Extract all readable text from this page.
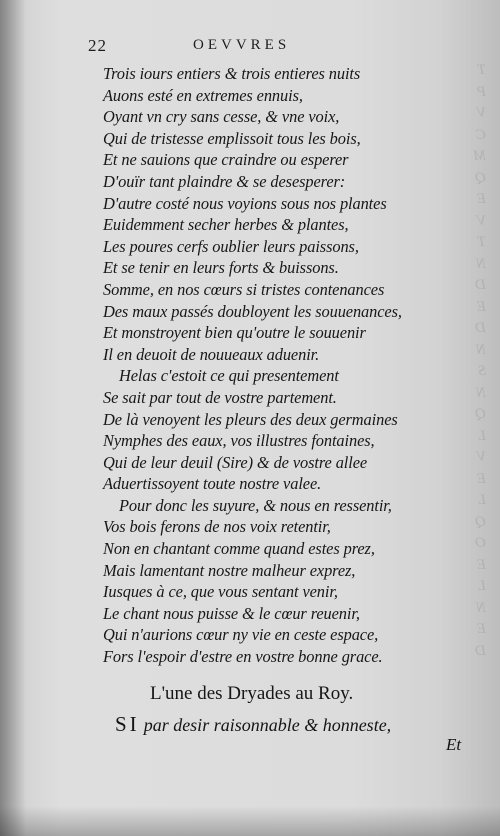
T
P
V
C
M
Q
E
V
T
N
D
E
D
N
S
N
Q
L
V
E
L
Q
O
E
L
N
E
D
22	OEVVRES
Trois iours entiers & trois entieres nuits
Auons esté en extremes ennuis,
Oyant vn cry sans cesse, & vne voix,
Qui de tristesse emplissoit tous les bois,
Et ne sauions que craindre ou esperer
D'ouïr tant plaindre & se desesperer:
D'autre costé nous voyions sous nos plantes
Euidemment secher herbes & plantes,
Les poures cerfs oublier leurs paissons,
Et se tenir en leurs forts & buissons.
Somme, en nos cœurs si tristes contenances
Des maux passés doubloyent les souuenances,
Et monstroyent bien qu'outre le souuenir
Il en deuoit de nouueaux aduenir.
Helas c'estoit ce qui presentement
Se sait par tout de vostre partement.
De là venoyent les pleurs des deux germaines
Nymphes des eaux, vos illustres fontaines,
Qui de leur deuil (Sire) & de vostre allee
Aduertissoyent toute nostre valee.
Pour donc les suyure, & nous en ressentir,
Vos bois ferons de nos voix retentir,
Non en chantant comme quand estes prez,
Mais lamentant nostre malheur exprez,
Iusques à ce, que vous sentant venir,
Le chant nous puisse & le cœur reuenir,
Qui n'aurions cœur ny vie en ceste espace,
Fors l'espoir d'estre en vostre bonne grace.
L'une des Dryades au Roy.
SI par desir raisonnable & honneste,
Et
